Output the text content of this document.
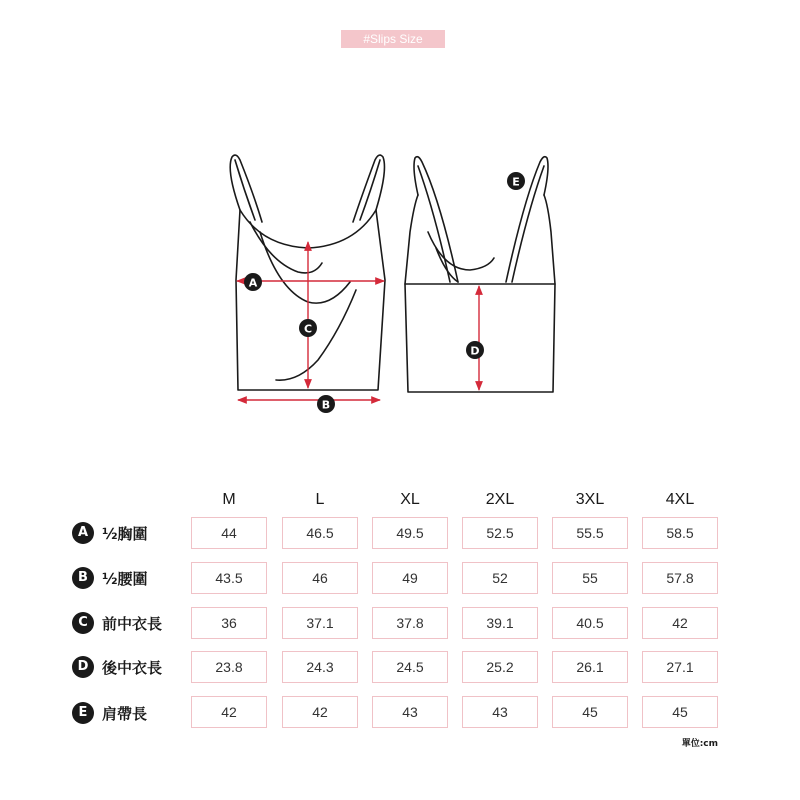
#Slips Size
A
B
C
D
E
M	L	XL	2XL	3XL	4XL
A ½胸圍	44	46.5	49.5	52.5	55.5	58.5
B ½腰圍	43.5	46	49	52	55	57.8
C 前中衣長	36	37.1	37.8	39.1	40.5	42
D 後中衣長	23.8	24.3	24.5	25.2	26.1	27.1
E 肩帶長	42	42	43	43	45	45
單位:cm
